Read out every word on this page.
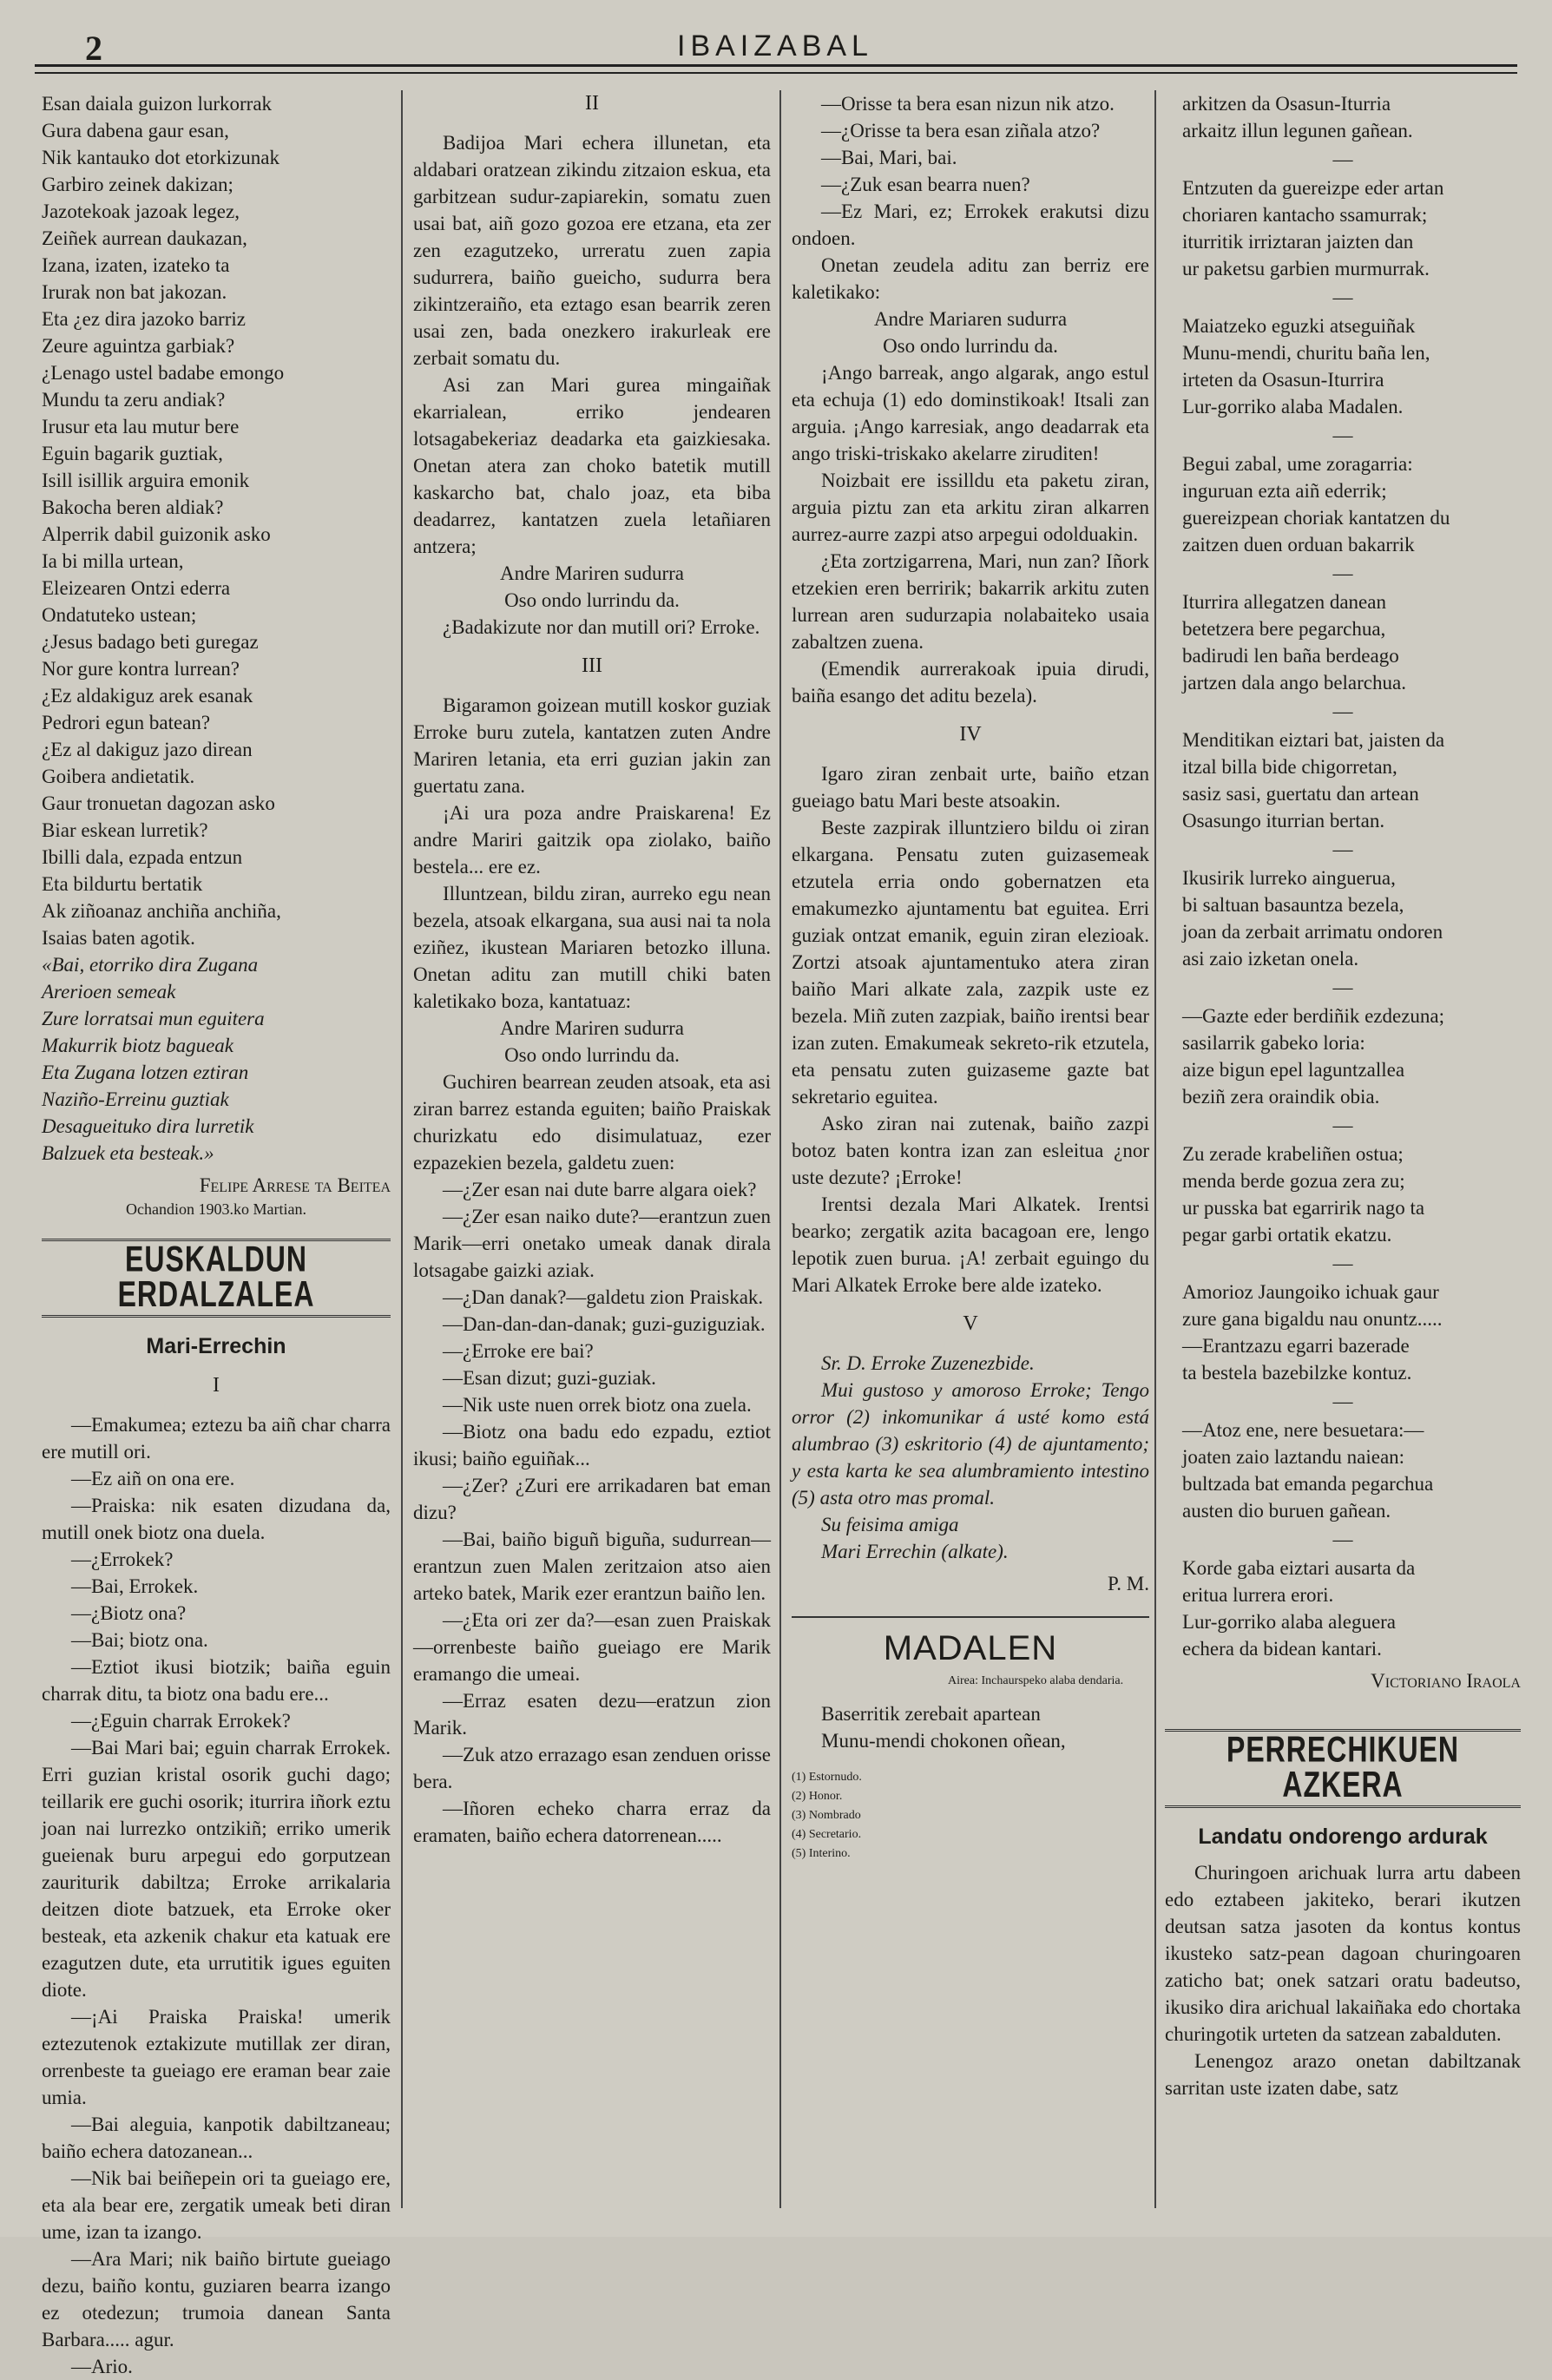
2	IBAIZABAL

Esan daiala guizon lurkorrak

Gura dabena gaur esan,

Nik kantauko dot etorkizunak

Garbiro zeinek dakizan;

Jazotekoak jazoak legez,

Zeiñek aurrean daukazan,

Izana, izaten, izateko ta

Irurak non bat jakozan.

Eta ¿ez dira jazoko barriz

Zeure aguintza garbiak?

¿Lenago ustel badabe emongo

Mundu ta zeru andiak?

Irusur eta lau mutur bere

Eguin bagarik guztiak,

Isill isillik arguira emonik

Bakocha beren aldiak?

Alperrik dabil guizonik asko

Ia bi milla urtean,

Eleizearen Ontzi ederra

Ondatuteko ustean;

¿Jesus badago beti guregaz

Nor gure kontra lurrean?

¿Ez aldakiguz arek esanak

Pedrori egun batean?

¿Ez al dakiguz jazo direan

Goibera andietatik.

Gaur tronuetan dagozan asko

Biar eskean lurretik?

Ibilli dala, ezpada entzun

Eta bildurtu bertatik

Ak ziñoanaz anchiña anchiña,

Isaias baten agotik.

«Bai, etorriko dira Zugana

Arerioen semeak

Zure lorratsai mun eguitera

Makurrik biotz bagueak

Eta Zugana lotzen eztiran

Naziño-Erreinu guztiak

Desagueituko dira lurretik

Balzuek eta besteak.»

Felipe Arrese ta Beitea

Ochandion 1903.ko Martian.

EUSKALDUN ERDALZALEA

Mari-Errechin

I

—Emakumea; eztezu ba aiñ char charra ere mutill ori.

—Ez aiñ on ona ere.

—Praiska: nik esaten dizudana da, mutill onek biotz ona duela.

—¿Errokek?

—Bai, Errokek.

—¿Biotz ona?

—Bai; biotz ona.

—Eztiot ikusi biotzik; baiña eguin charrak ditu, ta biotz ona badu ere...

—¿Eguin charrak Errokek?

—Bai Mari bai; eguin charrak Errokek. Erri guzian kristal osorik guchi dago; teillarik ere guchi osorik; iturrira iñork eztu joan nai lurrezko ontzikiñ; erriko umerik gueienak buru arpegui edo gorputzean zauriturik dabiltza; Erroke arrikalaria deitzen diote batzuek, eta Erroke oker besteak, eta azkenik chakur eta katuak ere ezagutzen dute, eta urrutitik igues eguiten diote.

—¡Ai Praiska Praiska! umerik eztezutenok eztakizute mutillak zer diran, orrenbeste ta gueiago ere eraman bear zaie umia.

—Bai aleguia, kanpotik dabiltzaneau; baiño echera datozanean...

—Nik bai beiñepein ori ta gueiago ere, eta ala bear ere, zergatik umeak beti diran ume, izan ta izango.

—Ara Mari; nik baiño birtute gueiago dezu, baiño kontu, guziaren bearra izango ez otedezun; trumoia danean Santa Barbara..... agur.

—Ario.

II

Badijoa Mari echera illunetan, eta aldabari oratzean zikindu zitzaion eskua, eta garbitzean sudur-zapiarekin, somatu zuen usai bat, aiñ gozo gozoa ere etzana, eta zer zen ezagutzeko, urreratu zuen zapia sudurrera, baiño gueicho, sudurra bera zikintzeraiño, eta eztago esan bearrik zeren usai zen, bada onezkero irakurleak ere zerbait somatu du.

Asi zan Mari gurea mingaiñak ekarrialean, erriko jendearen lotsagabekeriaz deadarka eta gaizkiesaka. Onetan atera zan choko batetik mutill kaskarcho bat, chalo joaz, eta biba deadarrez, kantatzen zuela letañiaren antzera;

Andre Mariren sudurra

Oso ondo lurrindu da.

¿Badakizute nor dan mutill ori? Erroke.

III

Bigaramon goizean mutill koskor guziak Erroke buru zutela, kantatzen zuten Andre Mariren letania, eta erri guzian jakin zan guertatu zana.

¡Ai ura poza andre Praiskarena! Ez andre Mariri gaitzik opa ziolako, baiño bestela... ere ez.

Illuntzean, bildu ziran, aurreko egu nean bezela, atsoak elkargana, sua ausi nai ta nola eziñez, ikustean Mariaren betozko illuna. Onetan aditu zan mutill chiki baten kaletikako boza, kantatuaz:

Andre Mariren sudurra

Oso ondo lurrindu da.

Guchiren bearrean zeuden atsoak, eta asi ziran barrez estanda eguiten; baiño Praiskak churizkatu edo disimulatuaz, ezer ezpazekien bezela, galdetu zuen:

—¿Zer esan nai dute barre algara oiek?

—¿Zer esan naiko dute?—erantzun zuen Marik—erri onetako umeak danak dirala lotsagabe gaizki aziak.

—¿Dan danak?—galdetu zion Praiskak.

—Dan-dan-dan-danak; guzi-guziguziak.

—¿Erroke ere bai?

—Esan dizut; guzi-guziak.

—Nik uste nuen orrek biotz ona zuela.

—Biotz ona badu edo ezpadu, eztiot ikusi; baiño eguiñak...

—¿Zer? ¿Zuri ere arrikadaren bat eman dizu?

—Bai, baiño biguñ biguña, sudurrean—erantzun zuen Malen zeritzaion atso aien arteko batek, Marik ezer erantzun baiño len.

—¿Eta ori zer da?—esan zuen Praiskak—orrenbeste baiño gueiago ere Marik eramango die umeai.

—Erraz esaten dezu—eratzun zion Marik.

—Zuk atzo errazago esan zenduen orisse bera.

—Iñoren echeko charra erraz da eramaten, baiño echera datorrenean.....

—Orisse ta bera esan nizun nik atzo.

—¿Orisse ta bera esan ziñala atzo?

—Bai, Mari, bai.

—¿Zuk esan bearra nuen?

—Ez Mari, ez; Errokek erakutsi dizu ondoen.

Onetan zeudela aditu zan berriz ere kaletikako:

Andre Mariaren sudurra

Oso ondo lurrindu da.

¡Ango barreak, ango algarak, ango estul eta echuja (1) edo dominstikoak! Itsali zan arguia. ¡Ango karresiak, ango deadarrak eta ango triski-triskako akelarre ziruditen!

Noizbait ere issilldu eta paketu ziran, arguia piztu zan eta arkitu ziran alkarren aurrez-aurre zazpi atso arpegui odolduakin.

¿Eta zortzigarrena, Mari, nun zan? Iñork etzekien eren berririk; bakarrik arkitu zuten lurrean aren sudurzapia nolabaiteko usaia zabaltzen zuena.

(Emendik aurrerakoak ipuia dirudi, baiña esango det aditu bezela).

IV

Igaro ziran zenbait urte, baiño etzan gueiago batu Mari beste atsoakin.

Beste zazpirak illuntziero bildu oi ziran elkargana. Pensatu zuten guizasemeak etzutela erria ondo gobernatzen eta emakumezko ajuntamentu bat eguitea. Erri guziak ontzat emanik, eguin ziran elezioak. Zortzi atsoak ajuntamentuko atera ziran baiño Mari alkate zala, zazpik uste ez bezela. Miñ zuten zazpiak, baiño irentsi bear izan zuten. Emakumeak sekreto-rik etzutela, eta pensatu zuten guizaseme gazte bat sekretario eguitea.

Asko ziran nai zutenak, baiño zazpi botoz baten kontra izan zan esleitua ¿nor uste dezute? ¡Erroke!

Irentsi dezala Mari Alkatek. Irentsi bearko; zergatik azita bacagoan ere, lengo lepotik zuen burua. ¡A! zerbait eguingo du Mari Alkatek Erroke bere alde izateko.

V

Sr. D. Erroke Zuzenezbide.

Mui gustoso y amoroso Erroke; Tengo orror (2) inkomunikar á usté komo está alumbrao (3) eskritorio (4) de ajuntamento; y esta karta ke sea alumbramiento intestino (5) asta otro mas promal.

Su feisima amiga

Mari Errechin (alkate).

P. M.

MADALEN

Airea: Inchaurspeko alaba dendaria.

Baserritik zerebait apartean

Munu-mendi chokonen oñean,

(1) Estornudo.

(2) Honor.

(3) Nombrado

(4) Secretario.

(5) Interino.

arkitzen da Osasun-Iturria

arkaitz illun legunen gañean.

—

Entzuten da guereizpe eder artan

choriaren kantacho ssamurrak;

iturritik irriztaran jaizten dan

ur paketsu garbien murmurrak.

—

Maiatzeko eguzki atseguiñak

Munu-mendi, churitu baña len,

irteten da Osasun-Iturrira

Lur-gorriko alaba Madalen.

—

Begui zabal, ume zoragarria:

inguruan ezta aiñ ederrik;

guereizpean choriak kantatzen du

zaitzen duen orduan bakarrik

—

Iturrira allegatzen danean

betetzera bere pegarchua,

badirudi len baña berdeago

jartzen dala ango belarchua.

—

Menditikan eiztari bat, jaisten da

itzal billa bide chigorretan,

sasiz sasi, guertatu dan artean

Osasungo iturrian bertan.

—

Ikusirik lurreko ainguerua,

bi saltuan basauntza bezela,

joan da zerbait arrimatu ondoren

asi zaio izketan onela.

—

—Gazte eder berdiñik ezdezuna;

sasilarrik gabeko loria:

aize bigun epel laguntzallea

beziñ zera oraindik obia.

—

Zu zerade krabeliñen ostua;

menda berde gozua zera zu;

ur pusska bat egarririk nago ta

pegar garbi ortatik ekatzu.

—

Amorioz Jaungoiko ichuak gaur

zure gana bigaldu nau onuntz.....

—Erantzazu egarri bazerade

ta bestela bazebilzke kontuz.

—

—Atoz ene, nere besuetara:—

joaten zaio laztandu naiean:

bultzada bat emanda pegarchua

austen dio buruen gañean.

—

Korde gaba eiztari ausarta da

eritua lurrera erori.

Lur-gorriko alaba aleguera

echera da bidean kantari.

Victoriano Iraola

PERRECHIKUEN AZKERA

Landatu ondorengo ardurak

Churingoen arichuak lurra artu dabeen edo eztabeen jakiteko, berari ikutzen deutsan satza jasoten da kontus kontus ikusteko satz-pean dagoan churingoaren zaticho bat; onek satzari oratu badeutso, ikusiko dira arichual lakaiñaka edo chortaka churingotik urteten da satzean zabalduten.

Lenengoz arazo onetan dabiltzanak sarritan uste izaten dabe, satz
